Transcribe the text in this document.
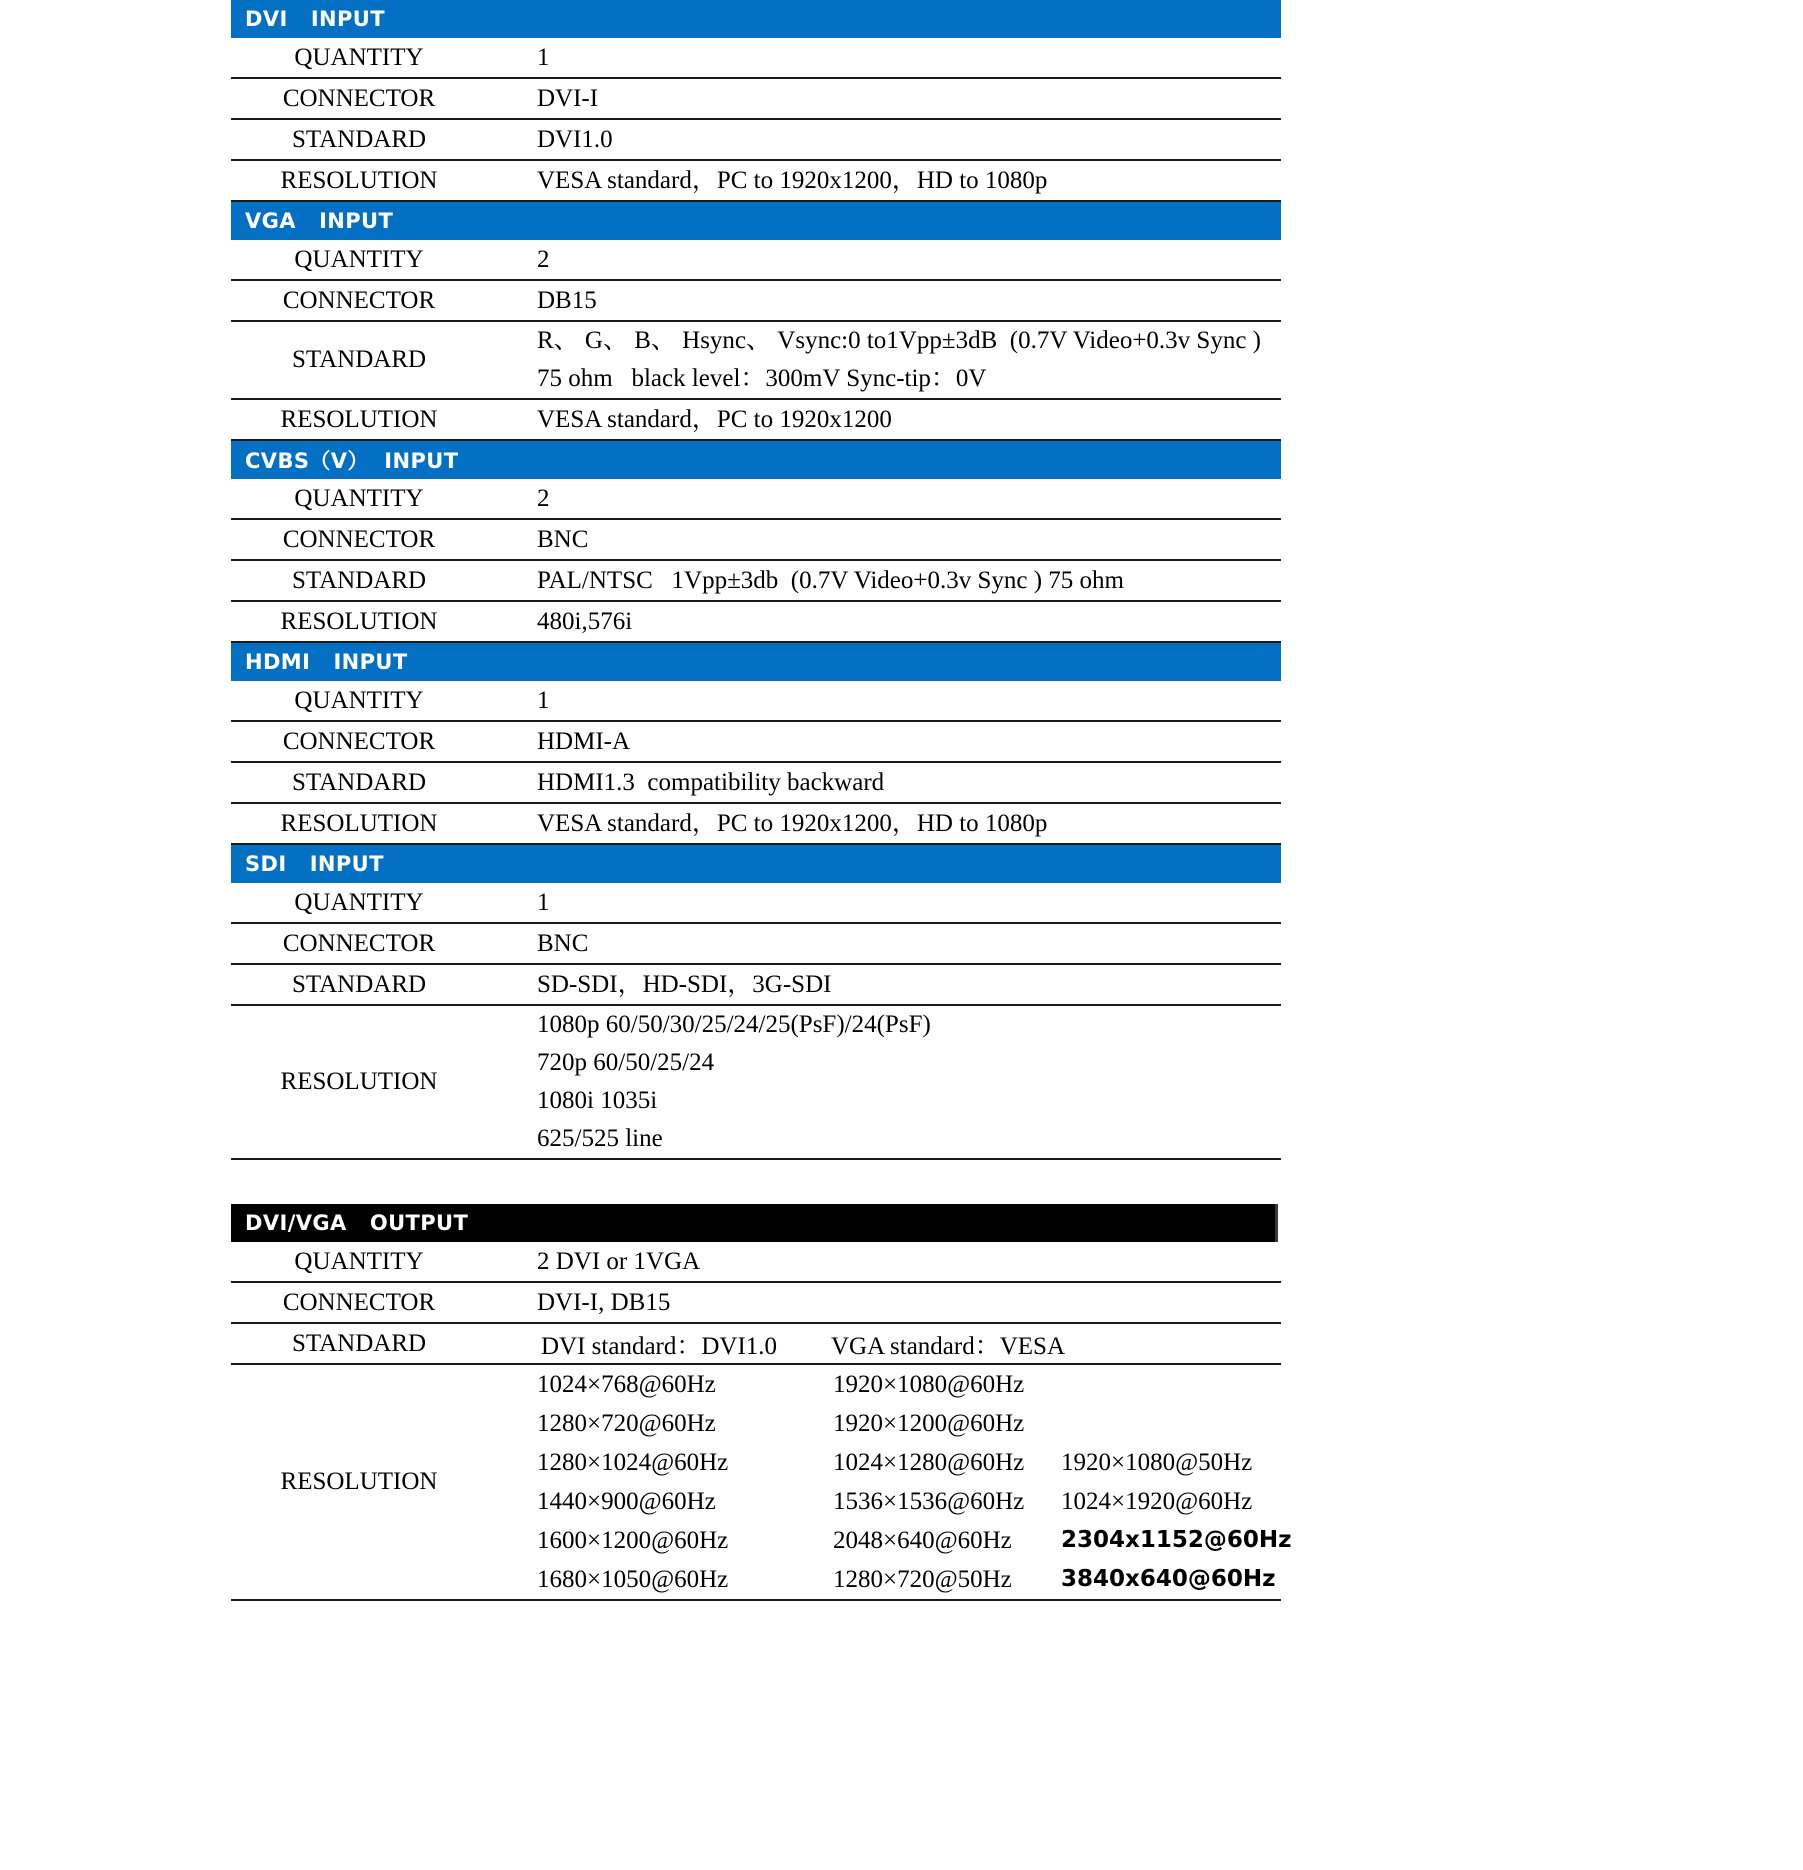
DVI   INPUT
QUANTITY	1
CONNECTOR	DVI-I
STANDARD	DVI1.0
RESOLUTION	VESA standard，PC to 1920x1200，HD to 1080p
VGA   INPUT
QUANTITY	2
CONNECTOR	DB15
STANDARD
R、 G、 B、 Hsync、 Vsync:0 to1Vpp±3dB  (0.7V Video+0.3v Sync )
75 ohm   black level：300mV Sync-tip：0V
RESOLUTION	VESA standard，PC to 1920x1200
CVBS（V）  INPUT
QUANTITY	2
CONNECTOR	BNC
STANDARD	PAL/NTSC   1Vpp±3db  (0.7V Video+0.3v Sync ) 75 ohm
RESOLUTION	480i,576i
HDMI   INPUT
QUANTITY	1
CONNECTOR	HDMI-A
STANDARD	HDMI1.3  compatibility backward
RESOLUTION	VESA standard，PC to 1920x1200，HD to 1080p
SDI   INPUT
QUANTITY	1
CONNECTOR	BNC
STANDARD	SD-SDI，HD-SDI，3G-SDI
RESOLUTION
1080p 60/50/30/25/24/25(PsF)/24(PsF)
720p 60/50/25/24
1080i 1035i
625/525 line
DVI/VGA   OUTPUT
QUANTITY	2 DVI or 1VGA
CONNECTOR	DVI-I, DB15
STANDARD	DVI standard：DVI1.0	VGA standard：VESA
RESOLUTION
1024×768@60Hz	1920×1080@60Hz
1280×720@60Hz	1920×1200@60Hz
1280×1024@60Hz	1024×1280@60Hz	1920×1080@50Hz
1440×900@60Hz	1536×1536@60Hz	1024×1920@60Hz
1600×1200@60Hz	2048×640@60Hz	2304x1152@60Hz
1680×1050@60Hz	1280×720@50Hz	3840x640@60Hz
